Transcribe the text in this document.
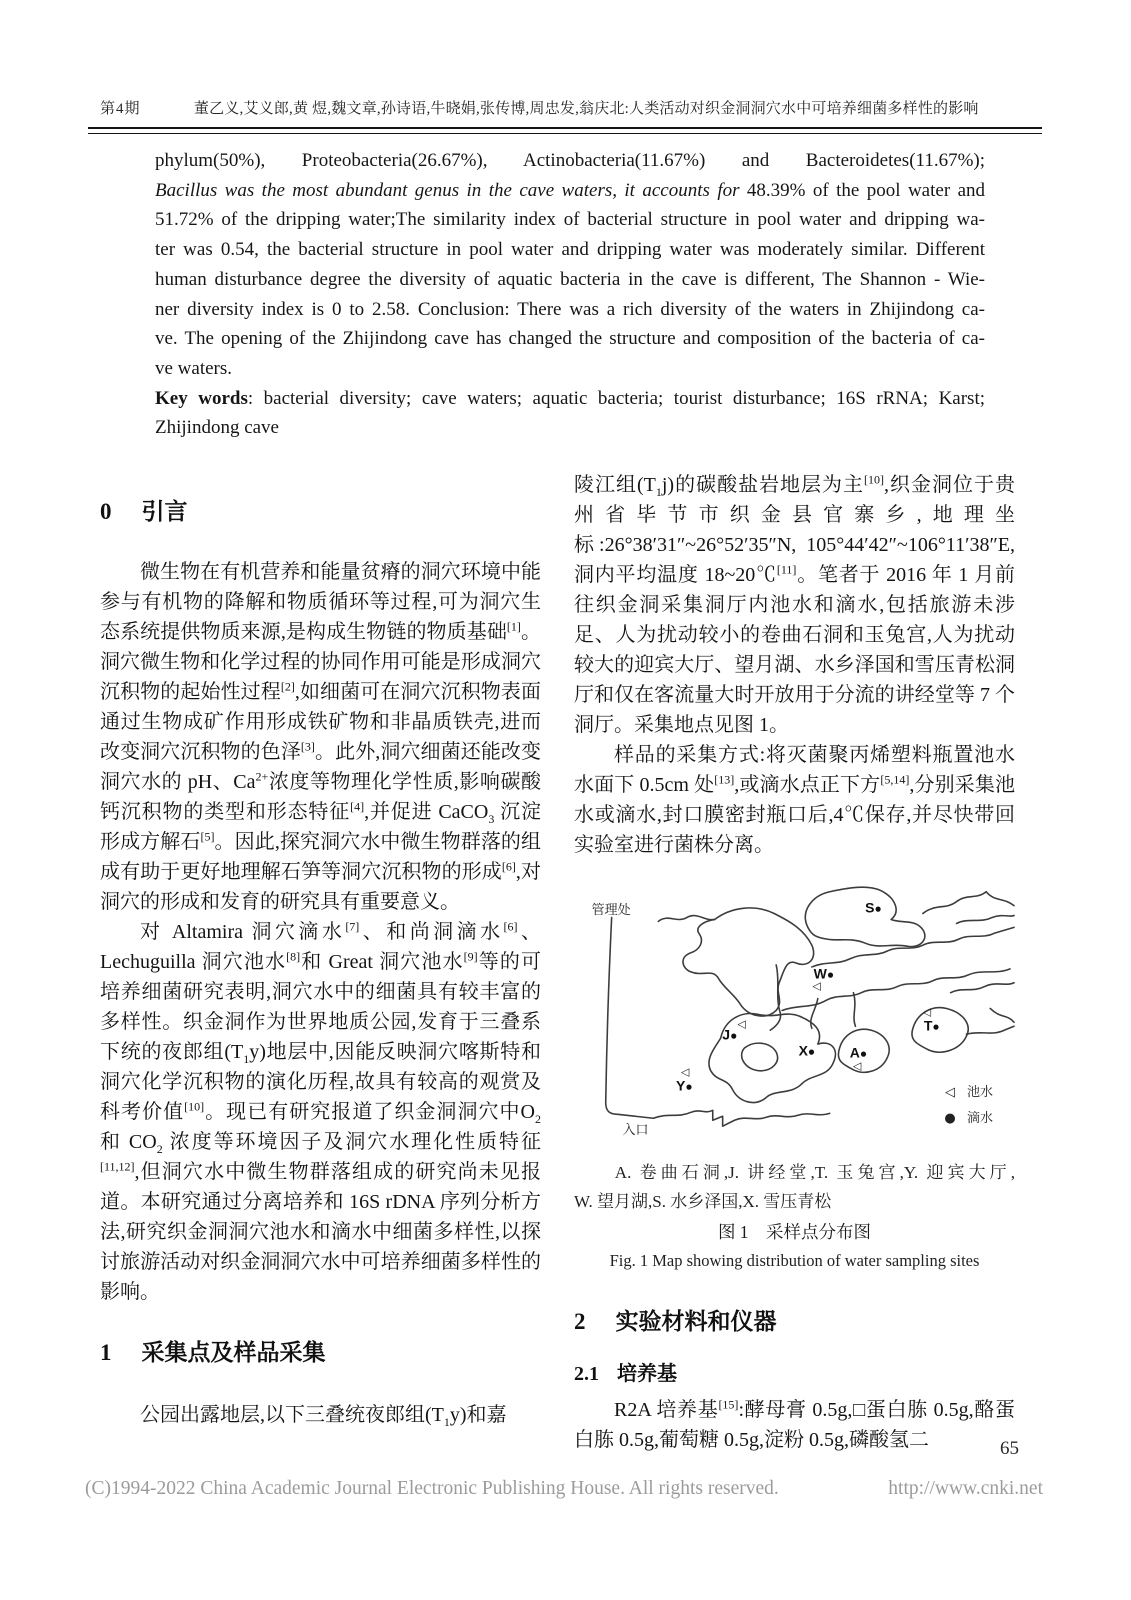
第4期	董乙义,艾义郎,黄 煜,魏文章,孙诗语,牛晓娟,张传博,周忠发,翁庆北:人类活动对织金洞洞穴水中可培养细菌多样性的影响
phylum(50%), Proteobacteria(26.67%), Actinobacteria(11.67%) and Bacteroidetes(11.67%);
Bacillus was the most abundant genus in the cave waters, it accounts for 48.39% of the pool water and
51.72% of the dripping water;The similarity index of bacterial structure in pool water and dripping wa-
ter was 0.54, the bacterial structure in pool water and dripping water was moderately similar. Different
human disturbance degree the diversity of aquatic bacteria in the cave is different, The Shannon - Wie-
ner diversity index is 0 to 2.58. Conclusion: There was a rich diversity of the waters in Zhijindong ca-
ve. The opening of the Zhijindong cave has changed the structure and composition of the bacteria of ca-
ve waters.
Key words: bacterial diversity; cave waters; aquatic bacteria; tourist disturbance; 16S rRNA; Karst;
Zhijindong cave
0 引言

微生物在有机营养和能量贫瘠的洞穴环境中能参与有机物的降解和物质循环等过程,可为洞穴生态系统提供物质来源,是构成生物链的物质基础[1]。洞穴微生物和化学过程的协同作用可能是形成洞穴沉积物的起始性过程[2],如细菌可在洞穴沉积物表面通过生物成矿作用形成铁矿物和非晶质铁壳,进而改变洞穴沉积物的色泽[3]。此外,洞穴细菌还能改变洞穴水的 pH、$Ca^{2+}$浓度等物理化学性质,影响碳酸钙沉积物的类型和形态特征[4],并促进 CaCO$_3$ 沉淀形成方解石[5]。因此,探究洞穴水中微生物群落的组成有助于更好地理解石笋等洞穴沉积物的形成[6],对洞穴的形成和发育的研究具有重要意义。

对 Altamira 洞穴滴水[7]、和尚洞滴水[6]、Lechuguilla 洞穴池水[8]和 Great 洞穴池水[9]等的可培养细菌研究表明,洞穴水中的细菌具有较丰富的多样性。织金洞作为世界地质公园,发育于三叠系下统的夜郎组$(T_1y)$地层中,因能反映洞穴喀斯特和洞穴化学沉积物的演化历程,故具有较高的观赏及科考价值[10]。现已有研究报道了织金洞洞穴中$O_2$ 和 $CO_2$ 浓度等环境因子及洞穴水理化性质特征[11,12],但洞穴水中微生物群落组成的研究尚未见报道。本研究通过分离培养和 16S rDNA 序列分析方法,研究织金洞洞穴池水和滴水中细菌多样性,以探讨旅游活动对织金洞洞穴水中可培养细菌多样性的影响。

1 采集点及样品采集

公园出露地层,以下三叠统夜郎组$(T_1y)$和嘉

陵江组$(T_1j)$的碳酸盐岩地层为主[10],织金洞位于贵州省毕节市织金县官寨乡,地理坐标:26°38′31″~26°52′35″N, 105°44′42″~106°11′38″E,洞内平均温度 18~20℃[11]。笔者于 2016 年 1 月前往织金洞采集洞厅内池水和滴水,包括旅游未涉足、人为扰动较小的卷曲石洞和玉兔宫,人为扰动较大的迎宾大厅、望月湖、水乡泽国和雪压青松洞厅和仅在客流量大时开放用于分流的讲经堂等 7 个洞厅。采集地点见图 1。

样品的采集方式:将灭菌聚丙烯塑料瓶置池水水面下 0.5cm 处[13],或滴水点正下方[5,14],分别采集池水或滴水,封口膜密封瓶口后,4℃保存,并尽快带回实验室进行菌株分离。

管理处
入口
◁ 池水
● 滴水
S●
W●
◁
T●
◁
J●
◁
X● A●
◁
Y●
◁
A. 卷曲石洞,J. 讲经堂,T. 玉兔宫,Y. 迎宾大厅,
W. 望月湖,S. 水乡泽国,X. 雪压青松
图 1　采样点分布图
Fig. 1 Map showing distribution of water sampling sites
2 实验材料和仪器
2.1 培养基

R2A 培养基[15]:酵母膏 0.5g,□蛋白胨 0.5g,酪蛋白胨 0.5g,葡萄糖 0.5g,淀粉 0.5g,磷酸氢二	65
(C)1994-2022 China Academic Journal Electronic Publishing House. All rights reserved.	http://www.cnki.net
